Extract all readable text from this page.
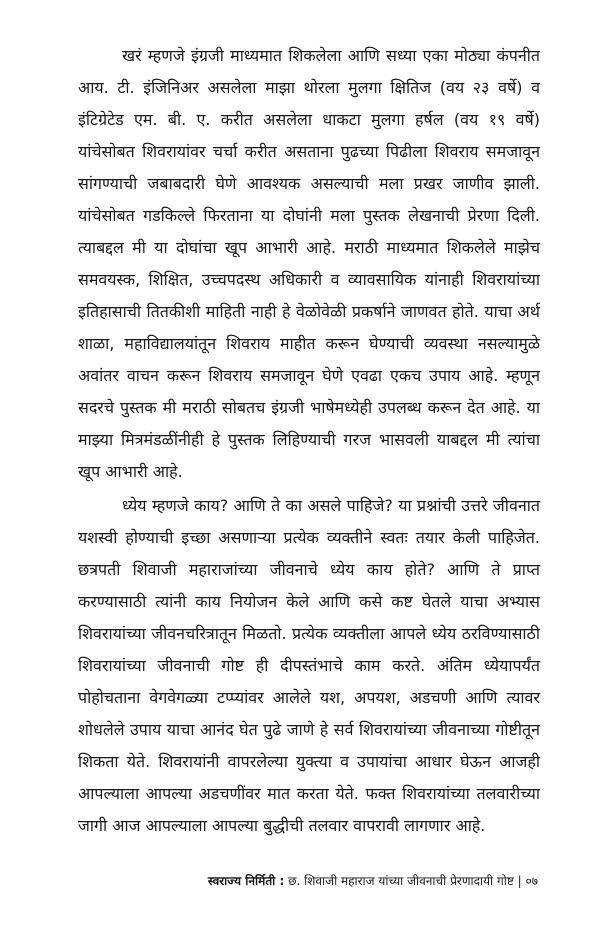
खरं म्हणजे इंग्रजी माध्यमात शिकलेला आणि सध्या एका मोठ्या कंपनीत आय. टी. इंजिनिअर असलेला माझा थोरला मुलगा क्षितिज (वय २३ वर्षे) व इंटिग्रेटेड एम. बी. ए. करीत असलेला धाकटा मुलगा हर्षल (वय १९ वर्षे) यांचेसोबत शिवरायांवर चर्चा करीत असताना पुढच्या पिढीला शिवराय समजावून सांगण्याची जबाबदारी घेणे आवश्यक असल्याची मला प्रखर जाणीव झाली. यांचेसोबत गडकिल्ले फिरताना या दोघांनी मला पुस्तक लेखनाची प्रेरणा दिली. त्याबद्दल मी या दोघांचा खूप आभारी आहे. मराठी माध्यमात शिकलेले माझेच समवयस्क, शिक्षित, उच्चपदस्थ अधिकारी व व्यावसायिक यांनाही शिवरायांच्या इतिहासाची तितकीशी माहिती नाही हे वेळोवेळी प्रकर्षाने जाणवत होते. याचा अर्थ शाळा, महाविद्यालयांतून शिवराय माहीत करून घेण्याची व्यवस्था नसल्यामुळे अवांतर वाचन करून शिवराय समजावून घेणे एवढा एकच उपाय आहे. म्हणून सदरचे पुस्तक मी मराठी सोबतच इंग्रजी भाषेमध्येही उपलब्ध करून देत आहे. या माझ्या मित्रमंडळींनीही हे पुस्तक लिहिण्याची गरज भासवली याबद्दल मी त्यांचा खूप आभारी आहे.

ध्येय म्हणजे काय? आणि ते का असले पाहिजे? या प्रश्नांची उत्तरे जीवनात यशस्वी होण्याची इच्छा असणाऱ्या प्रत्येक व्यक्तीने स्वतः तयार केली पाहिजेत. छत्रपती शिवाजी महाराजांच्या जीवनाचे ध्येय काय होते? आणि ते प्राप्त करण्यासाठी त्यांनी काय नियोजन केले आणि कसे कष्ट घेतले याचा अभ्यास शिवरायांच्या जीवनचरित्रातून मिळतो. प्रत्येक व्यक्तीला आपले ध्येय ठरविण्यासाठी शिवरायांच्या जीवनाची गोष्ट ही दीपस्तंभाचे काम करते. अंतिम ध्येयापर्यंत पोहोचताना वेगवेगळ्या टप्प्यांवर आलेले यश, अपयश, अडचणी आणि त्यावर शोधलेले उपाय याचा आनंद घेत पुढे जाणे हे सर्व शिवरायांच्या जीवनाच्या गोष्टीतून शिकता येते. शिवरायांनी वापरलेल्या युक्त्या व उपायांचा आधार घेऊन आजही आपल्याला आपल्या अडचणींवर मात करता येते. फक्त शिवरायांच्या तलवारीच्या जागी आज आपल्याला आपल्या बुद्धीची तलवार वापरावी लागणार आहे.

स्वराज्य निर्मिती : छ. शिवाजी महाराज यांच्या जीवनाची प्रेरणादायी गोष्ट | ०७
